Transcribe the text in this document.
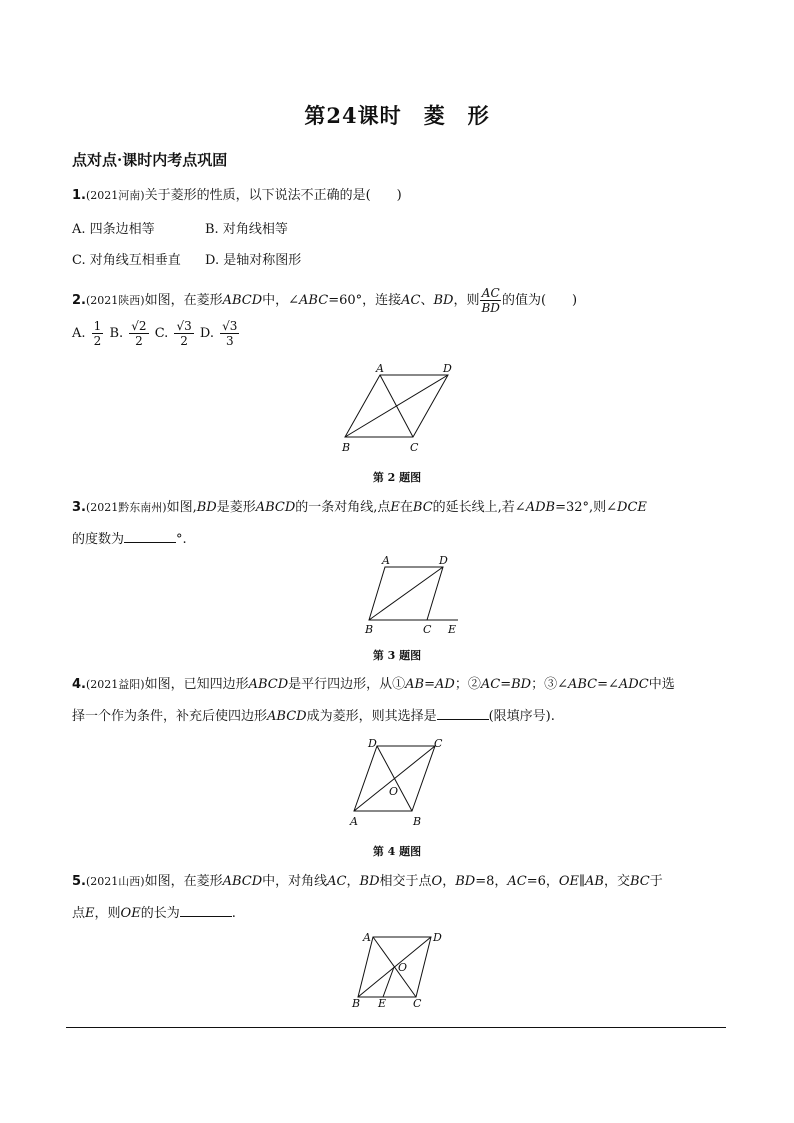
第24课时　菱　形
点对点·课时内考点巩固
1.(2021河南)关于菱形的性质，以下说法不正确的是( )
A. 四条边相等	B. 对角线相等
C. 对角线互相垂直 D. 是轴对称图形
2.(2021陕西)如图，在菱形ABCD中，∠ABC=60°，连接AC、BD，则 $\frac{AC}{BD}$ 的值为( )
A. $\frac{1}{2} B$. $\frac{√2}{2} C$. $\frac{√3}{2} D$. $\frac{√3}{3}$
A	D
B	C
第 2 题图
3.(2021黔东南州)如图,BD是菱形ABCD的一条对角线,点E在BC的延长线上,若∠ADB=32°,则∠DCE
的度数为	°.
A	D
B	C E
第 3 题图
4.(2021益阳)如图，已知四边形ABCD是平行四边形，从①AB=AD；②AC=BD；③∠ABC=∠ADC中选
择一个作为条件，补充后使四边形ABCD成为菱形，则其选择是	(限填序号).
D	C
O
A	B
第 4 题图
5.(2021山西)如图，在菱形ABCD中，对角线AC，BD相交于点O，BD=8，AC=6，OE∥AB，交BC于
点E，则OE的长为	.
A	D
O
B E C
